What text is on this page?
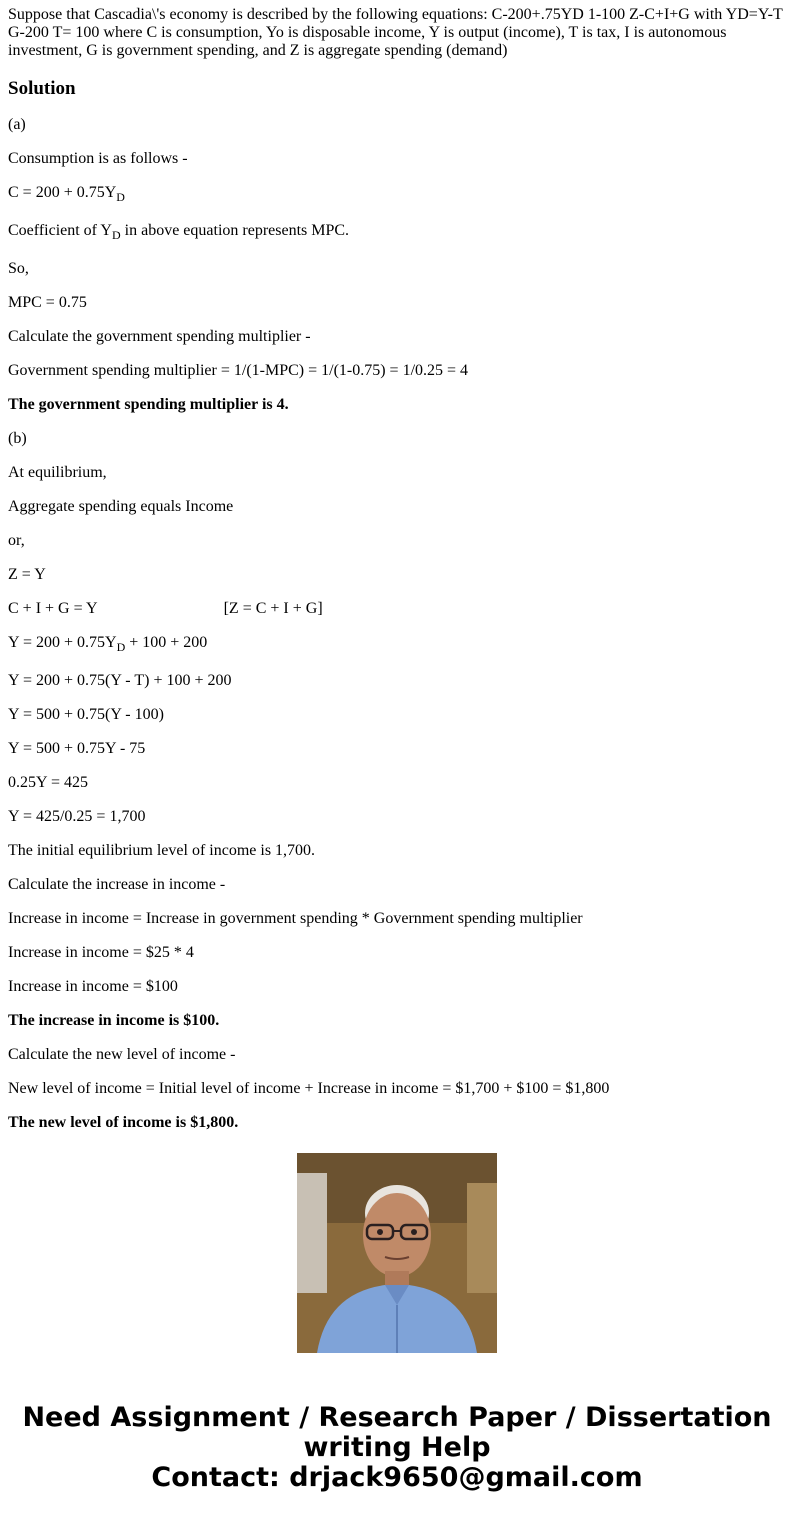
Suppose that Cascadia\'s economy is described by the following equations: C-200+.75YD 1-100 Z-C+I+G with YD=Y-T G-200 T= 100 where C is consumption, Yo is disposable income, Y is output (income), T is tax, I is autonomous investment, G is government spending, and Z is aggregate spending (demand)
Solution

(a)

Consumption is as follows -

$C = 200 + 0.75Y_D$

Coefficient of $Y_D$ in above equation represents MPC.

So,

MPC = 0.75

Calculate the government spending multiplier -

Government spending multiplier = 1/(1-MPC) = 1/(1-0.75) = 1/0.25 = 4

The government spending multiplier is 4.

(b)

At equilibrium,

Aggregate spending equals Income

or,

Z = Y

C + I + G = Y	[Z = C + I + G]

$Y = 200 + 0.75Y_D + 100 + 200$

Y = 200 + 0.75(Y - T) + 100 + 200

Y = 500 + 0.75(Y - 100)

Y = 500 + 0.75Y - 75

0.25Y = 425

Y = 425/0.25 = 1,700

The initial equilibrium level of income is 1,700.

Calculate the increase in income -

Increase in income = Increase in government spending * Government spending multiplier

Increase in income = $25 * 4

Increase in income = $100

The increase in income is $100.

Calculate the new level of income -

New level of income = Initial level of income + Increase in income = $1,700 + $100 = $1,800

The new level of income is $1,800.

Need Assignment / Research Paper / Dissertation
writing Help
Contact: drjack9650@gmail.com
